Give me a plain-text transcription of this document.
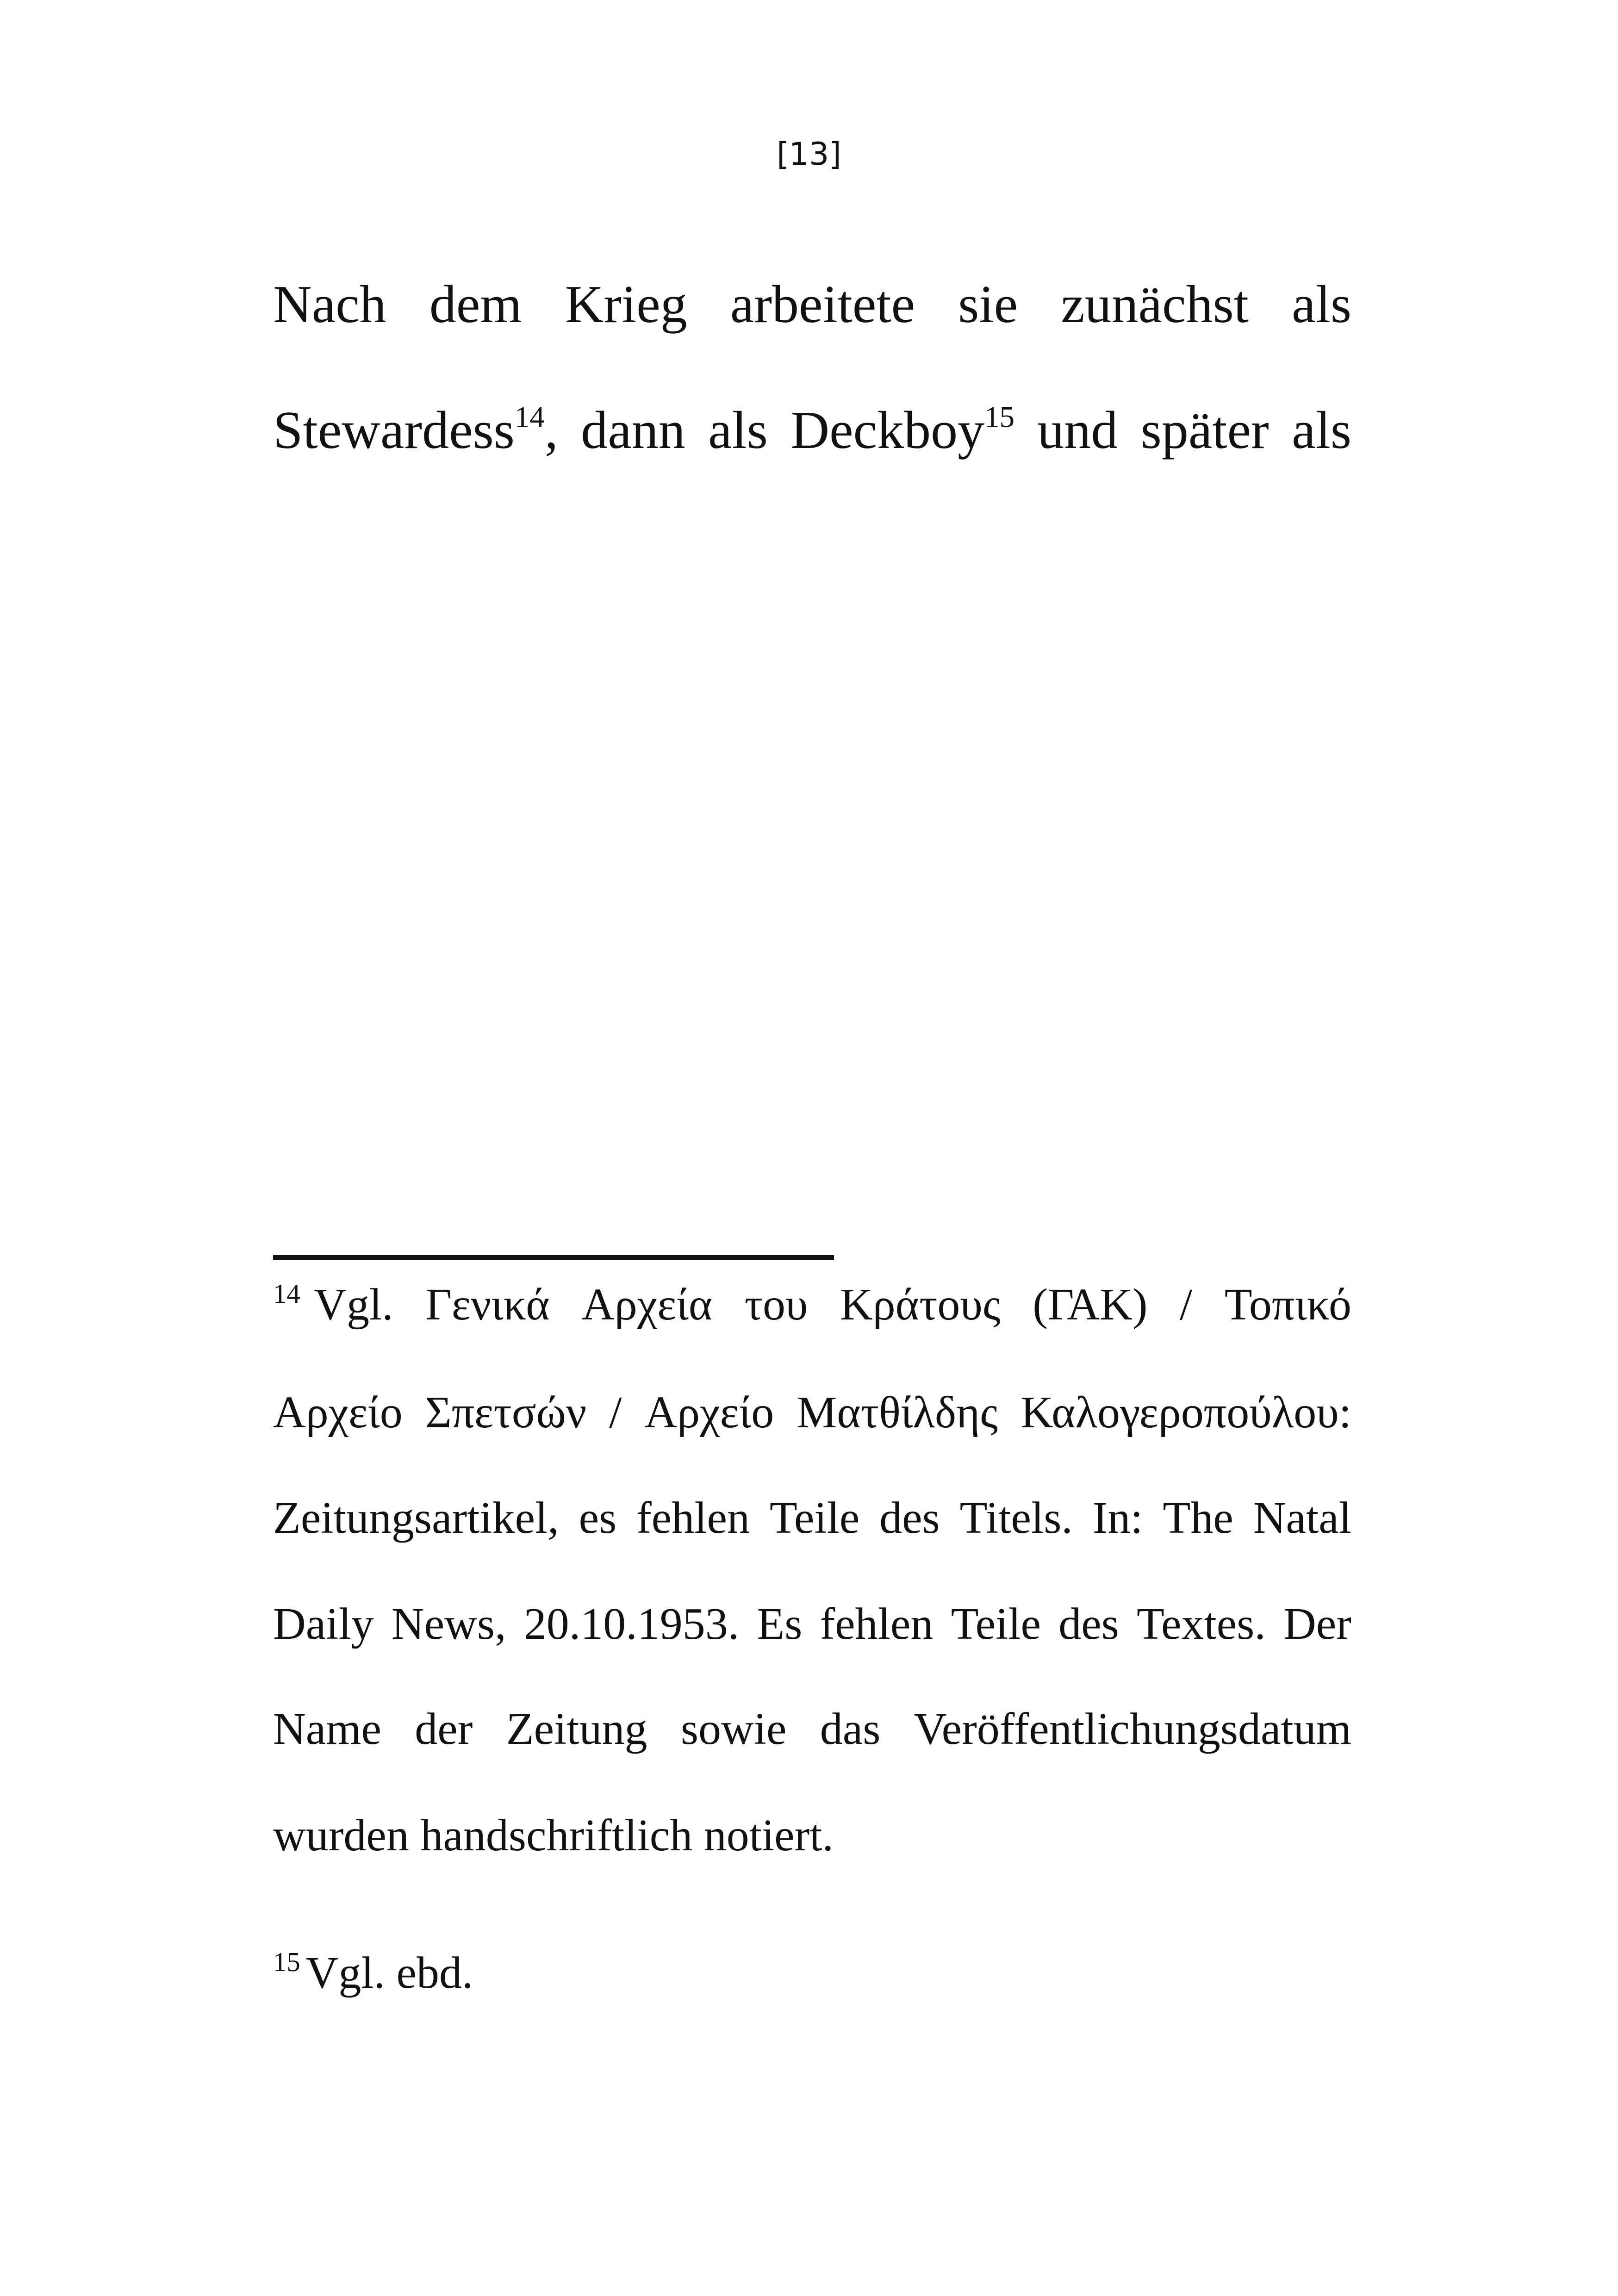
[13]
Nach dem Krieg arbeitete sie zunächst als
Stewardess$^{14}$, dann als Deckboy$^{15}$ und später als
$^{14}$ Vgl. Γενικά Αρχεία του Κράτους (ΓΑΚ) / Τοπικό
Αρχείο Σπετσών / Αρχείο Ματθίλδης Καλογεροπούλου:
Zeitungsartikel, es fehlen Teile des Titels. In: The Natal
Daily News, 20.10.1953. Es fehlen Teile des Textes. Der
Name der Zeitung sowie das Veröffentlichungsdatum
wurden handschriftlich notiert.
$^{15}$ Vgl. ebd.
